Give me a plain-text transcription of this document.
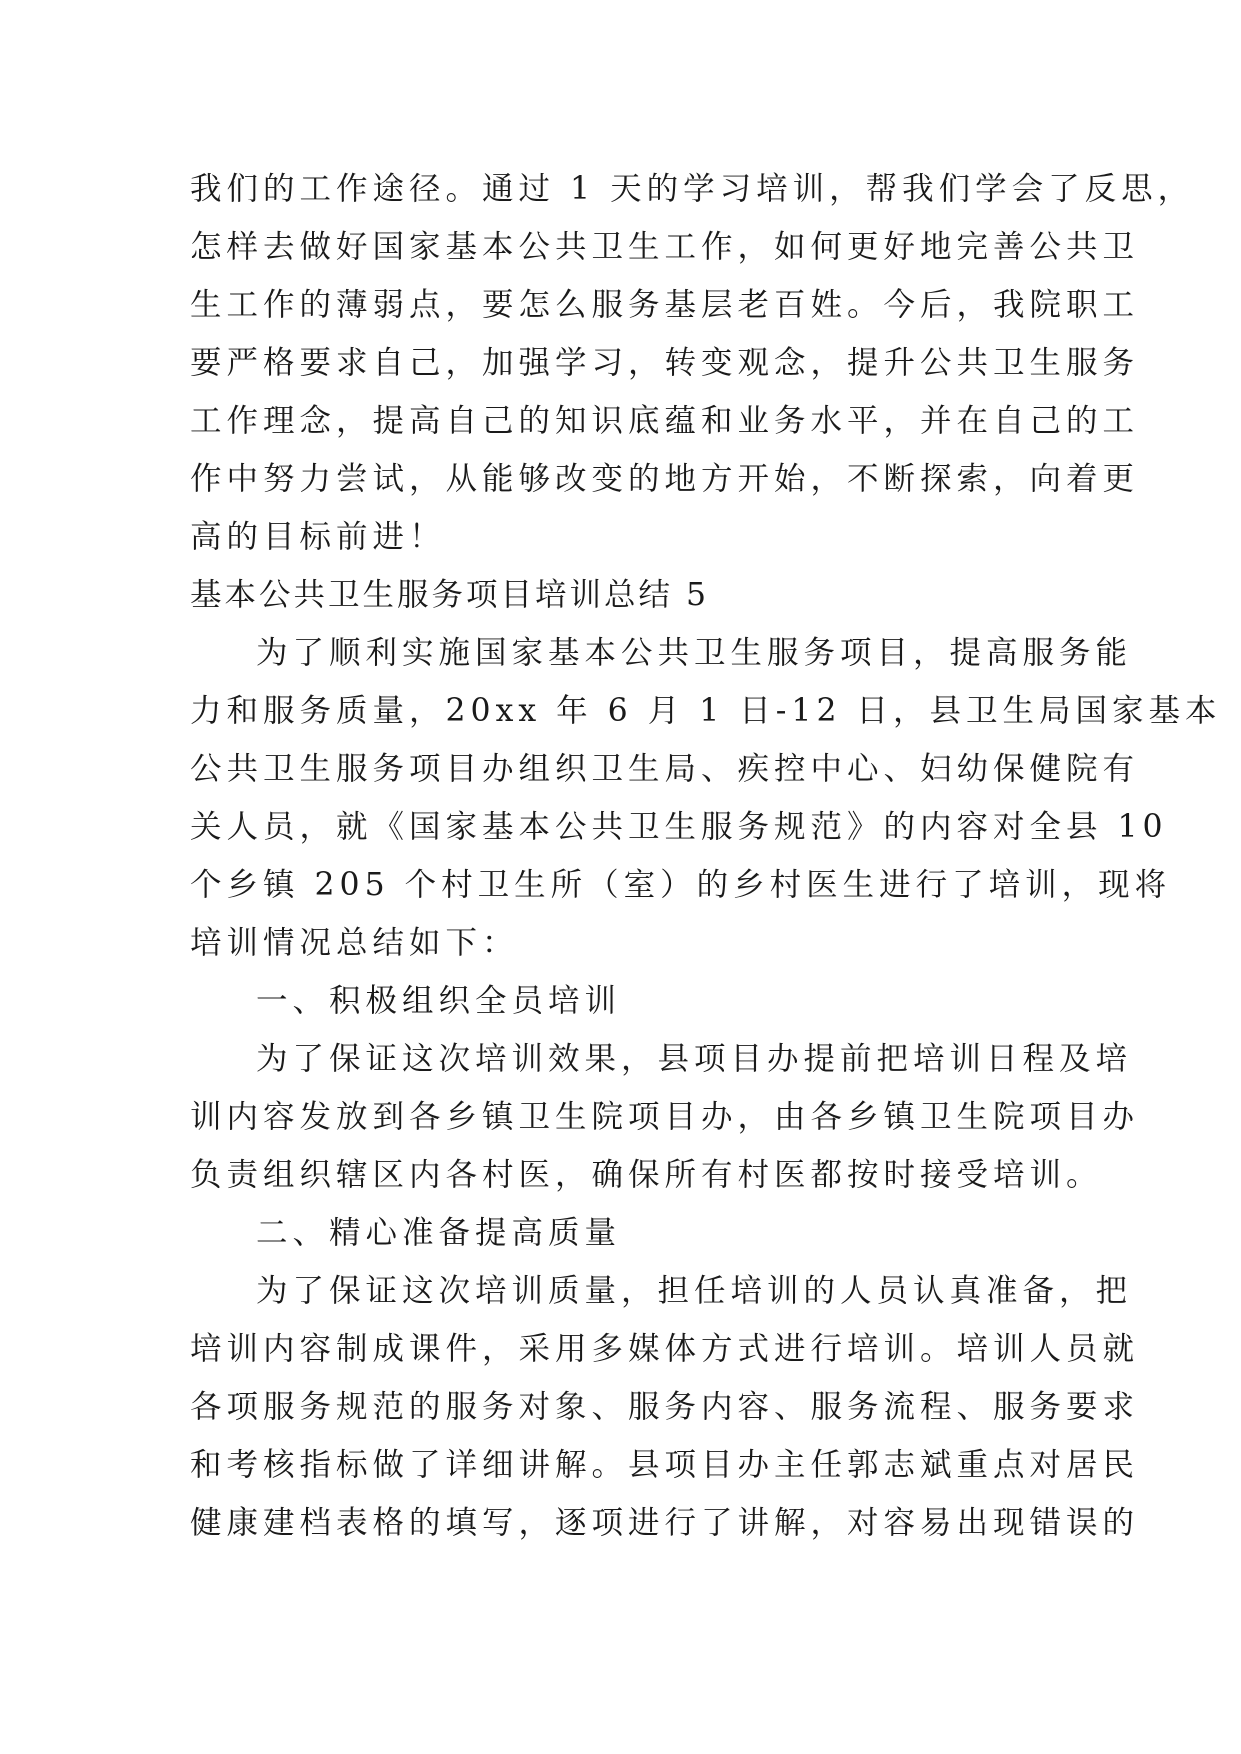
我们的工作途径。通过 1 天的学习培训，帮我们学会了反思，
怎样去做好国家基本公共卫生工作，如何更好地完善公共卫
生工作的薄弱点，要怎么服务基层老百姓。今后，我院职工
要严格要求自己，加强学习，转变观念，提升公共卫生服务
工作理念，提高自己的知识底蕴和业务水平，并在自己的工
作中努力尝试，从能够改变的地方开始，不断探索，向着更
高的目标前进！
基本公共卫生服务项目培训总结 5
为了顺利实施国家基本公共卫生服务项目，提高服务能
力和服务质量，20xx 年 6 月 1 日-12 日，县卫生局国家基本
公共卫生服务项目办组织卫生局、疾控中心、妇幼保健院有
关人员，就《国家基本公共卫生服务规范》的内容对全县 10
个乡镇 205 个村卫生所（室）的乡村医生进行了培训，现将
培训情况总结如下：
一、积极组织全员培训
为了保证这次培训效果，县项目办提前把培训日程及培
训内容发放到各乡镇卫生院项目办，由各乡镇卫生院项目办
负责组织辖区内各村医，确保所有村医都按时接受培训。
二、精心准备提高质量
为了保证这次培训质量，担任培训的人员认真准备，把
培训内容制成课件，采用多媒体方式进行培训。培训人员就
各项服务规范的服务对象、服务内容、服务流程、服务要求
和考核指标做了详细讲解。县项目办主任郭志斌重点对居民
健康建档表格的填写，逐项进行了讲解，对容易出现错误的
